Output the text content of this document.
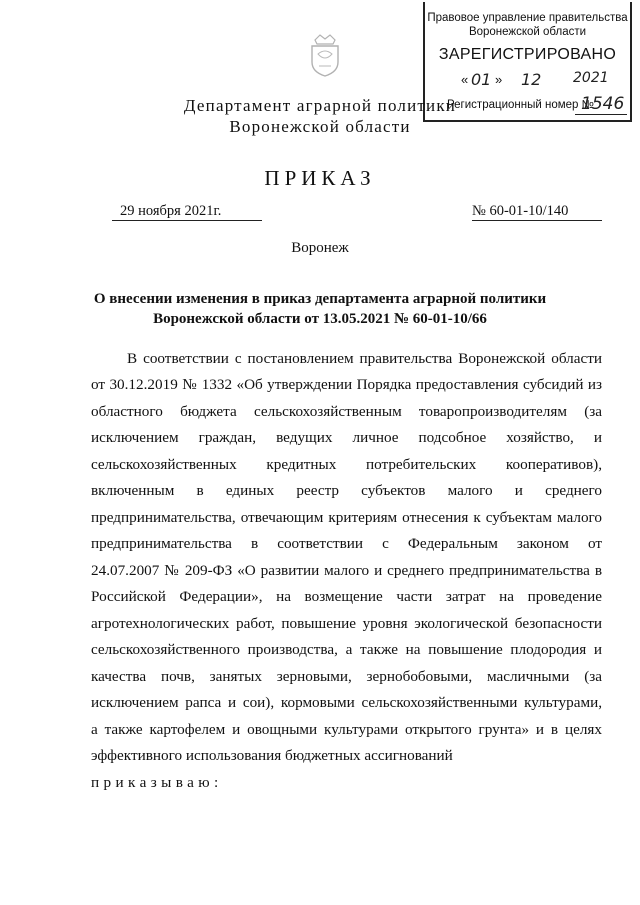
Правовое управление правительства
Воронежской области
ЗАРЕГИСТРИРОВАНО
« 01 » 12 2021
Регистрационный номер №
1546
Департамент аграрной политики
Воронежской области
ПРИКАЗ
29 ноября 2021г.	№ 60-01-10/140
Воронеж
О внесении изменения в приказ департамента аграрной политики
Воронежской области от 13.05.2021 № 60-01-10/66
В соответствии с постановлением правительства Воронежской области
от 30.12.2019 № 1332 «Об утверждении Порядка предоставления субсидий из
областного бюджета сельскохозяйственным товаропроизводителям (за
исключением граждан, ведущих личное подсобное хозяйство, и
сельскохозяйственных кредитных потребительских кооперативов),
включенным в единых реестр субъектов малого и среднего
предпринимательства, отвечающим критериям отнесения к субъектам малого
предпринимательства в соответствии с Федеральным законом от
24.07.2007 № 209-ФЗ «О развитии малого и среднего предпринимательства в
Российской Федерации», на возмещение части затрат на проведение
агротехнологических работ, повышение уровня экологической безопасности
сельскохозяйственного производства, а также на повышение плодородия и
качества почв, занятых зерновыми, зернобобовыми, масличными (за
исключением рапса и сои), кормовыми сельскохозяйственными культурами,
а также картофелем и овощными культурами открытого грунта» и в целях
эффективного использования бюджетных ассигнований
приказываю:
